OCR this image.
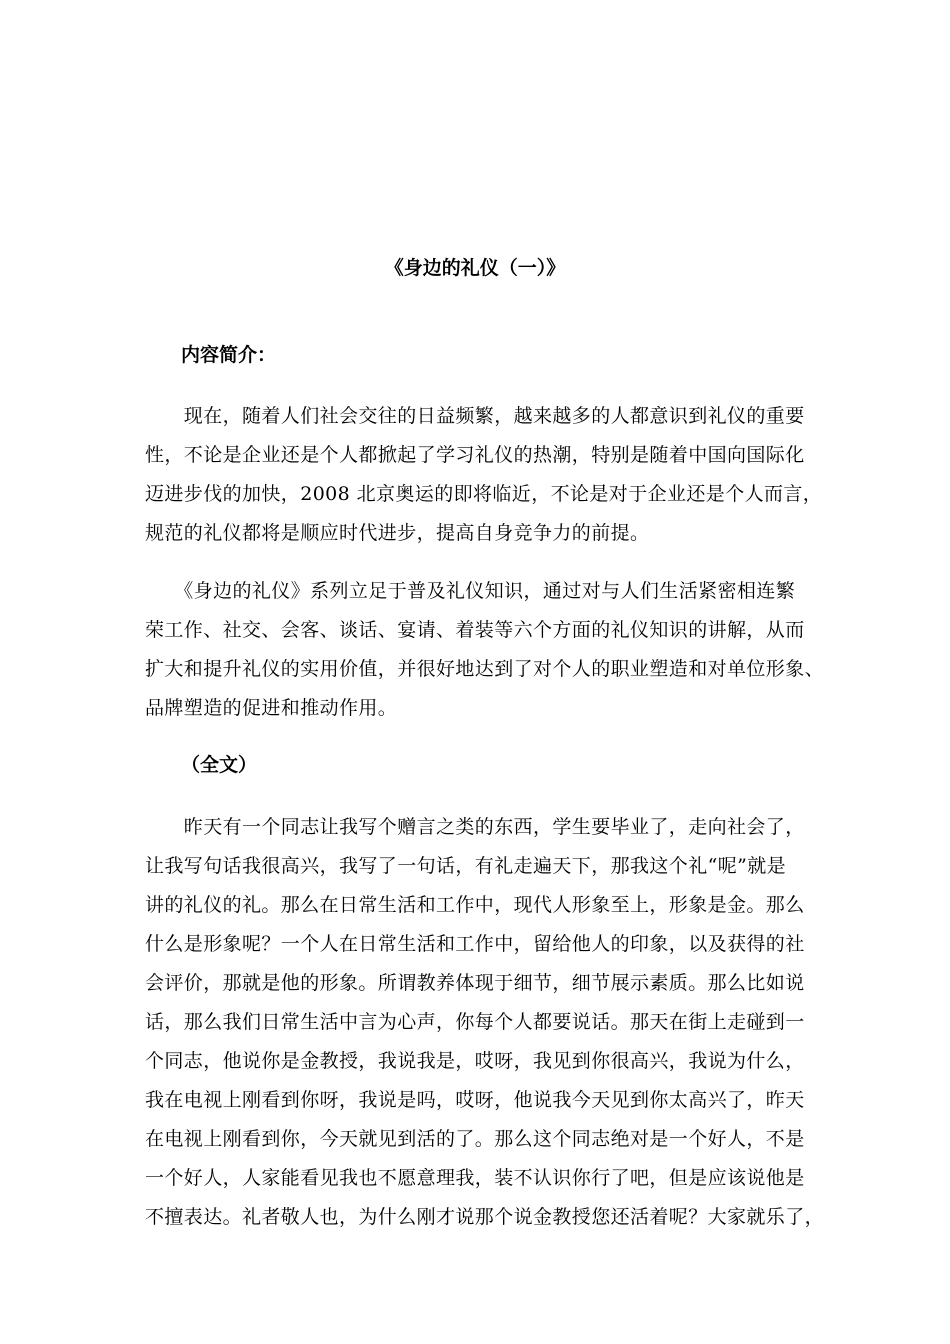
《身边的礼仪（一）》
内容简介：

　　现在，随着人们社会交往的日益频繁，越来越多的人都意识到礼仪的重要
性，不论是企业还是个人都掀起了学习礼仪的热潮，特别是随着中国向国际化
迈进步伐的加快，2008 北京奥运的即将临近，不论是对于企业还是个人而言，
规范的礼仪都将是顺应时代进步，提高自身竞争力的前提。

　　《身边的礼仪》系列立足于普及礼仪知识，通过对与人们生活紧密相连繁
荣工作、社交、会客、谈话、宴请、着装等六个方面的礼仪知识的讲解，从而
扩大和提升礼仪的实用价值，并很好地达到了对个人的职业塑造和对单位形象、
品牌塑造的促进和推动作用。

（全文）

　　昨天有一个同志让我写个赠言之类的东西，学生要毕业了，走向社会了，
让我写句话我很高兴，我写了一句话，有礼走遍天下，那我这个礼“呢”就是
讲的礼仪的礼。那么在日常生活和工作中，现代人形象至上，形象是金。那么
什么是形象呢？一个人在日常生活和工作中，留给他人的印象，以及获得的社
会评价，那就是他的形象。所谓教养体现于细节，细节展示素质。那么比如说
话，那么我们日常生活中言为心声，你每个人都要说话。那天在街上走碰到一
个同志，他说你是金教授，我说我是，哎呀，我见到你很高兴，我说为什么，
我在电视上刚看到你呀，我说是吗，哎呀，他说我今天见到你太高兴了，昨天
在电视上刚看到你，今天就见到活的了。那么这个同志绝对是一个好人，不是
一个好人，人家能看见我也不愿意理我，装不认识你行了吧，但是应该说他是
不擅表达。礼者敬人也，为什么刚才说那个说金教授您还活着呢？大家就乐了，
